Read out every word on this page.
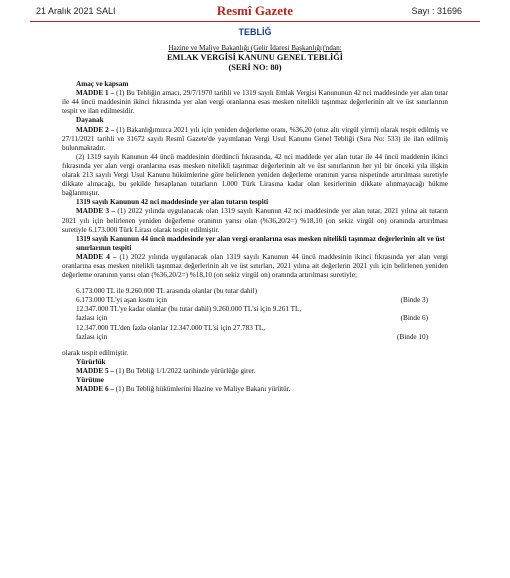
21 Aralık 2021 SALI	Resmî Gazete	Sayı : 31696
TEBLİĞ
Hazine ve Maliye Bakanlığı (Gelir İdaresi Başkanlığı)'ndan:
EMLAK VERGİSİ KANUNU GENEL TEBLİĞİ
(SERİ NO: 80)
Amaç ve kapsam
MADDE 1 – (1) Bu Tebliğin amacı, 29/7/1970 tarihli ve 1319 sayılı Emlak Vergisi Kanununun 42 nci maddesinde yer alan tutar ile 44 üncü maddesinin ikinci fıkrasında yer alan vergi oranlarına esas mesken nitelikli taşınmaz değerlerinin alt ve üst sınırlarının tespit ve ilan edilmesidir.
Dayanak
MADDE 2 – (1) Bakanlığımızca 2021 yılı için yeniden değerleme oranı, %36,20 (otuz altı virgül yirmi) olarak tespit edilmiş ve 27/11/2021 tarihli ve 31672 sayılı Resmî Gazete'de yayımlanan Vergi Usul Kanunu Genel Tebliği (Sıra No: 533) ile ilan edilmiş bulunmaktadır.
(2) 1319 sayılı Kanunun 44 üncü maddesinin dördüncü fıkrasında, 42 nci maddede yer alan tutar ile 44 üncü maddenin ikinci fıkrasında yer alan vergi oranlarına esas mesken nitelikli taşınmaz değerlerinin alt ve üst sınırlarının her yıl bir önceki yıla ilişkin olarak 213 sayılı Vergi Usul Kanunu hükümlerine göre belirlenen yeniden değerleme oranının yarısı nispetinde artırılması suretiyle dikkate alınacağı, bu şekilde hesaplanan tutarların 1.000 Türk Lirasına kadar olan kesirlerinin dikkate alınmayacağı hükme bağlanmıştır.
1319 sayılı Kanunun 42 nci maddesinde yer alan tutarın tespiti
MADDE 3 – (1) 2022 yılında uygulanacak olan 1319 sayılı Kanunun 42 nci maddesinde yer alan tutar, 2021 yılına ait tutarın 2021 yılı için belirlenen yeniden değerleme oranının yarısı olan (%36,20/2=) %18,10 (on sekiz virgül on) oranında artırılması suretiyle 6.173.000 Türk Lirası olarak tespit edilmiştir.
1319 sayılı Kanunun 44 üncü maddesinde yer alan vergi oranlarına esas mesken nitelikli taşınmaz değerlerinin alt ve üst sınırlarının tespiti
MADDE 4 – (1) 2022 yılında uygulanacak olan 1319 sayılı Kanunun 44 üncü maddesinin ikinci fıkrasında yer alan vergi oranlarına esas mesken nitelikli taşınmaz değerlerinin alt ve üst sınırları, 2021 yılına ait değerlerin 2021 yılı için belirlenen yeniden değerleme oranının yarısı olan (%36,20/2=) %18,10 (on sekiz virgül on) oranında artırılması suretiyle;
6.173.000 TL ile 9.260.000 TL arasında olanlar (bu tutar dahil)
6.173.000 TL'yi aşan kısmı için	(Binde 3)
12.347.000 TL'ye kadar olanlar (bu tutar dahil) 9.260.000 TL'si için 9.261 TL,
fazlası için	(Binde 6)
12.347.000 TL'den fazla olanlar 12.347.000 TL'si için 27.783 TL,
fazlası için	(Binde 10)
olarak tespit edilmiştir.
Yürürlük
MADDE 5 – (1) Bu Tebliğ 1/1/2022 tarihinde yürürlüğe girer.
Yürütme
MADDE 6 – (1) Bu Tebliğ hükümlerini Hazine ve Maliye Bakanı yürütür.
